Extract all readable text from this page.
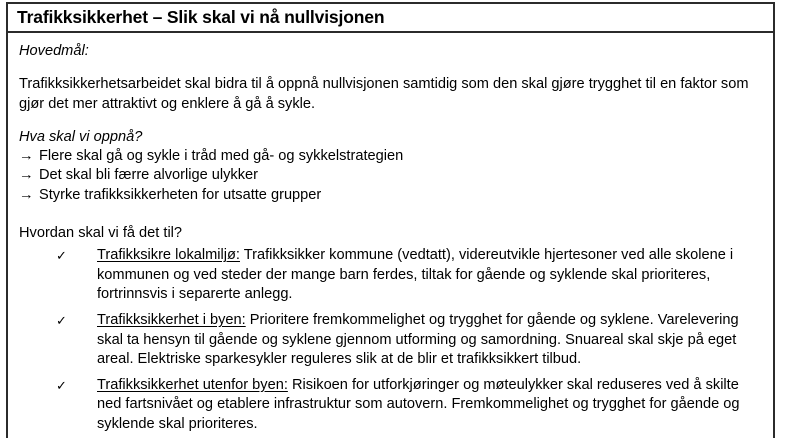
Trafikksikkerhet – Slik skal vi nå nullvisjonen
Hovedmål:

Trafikksikkerhetsarbeidet skal bidra til å oppnå nullvisjonen samtidig som den skal gjøre trygghet til en faktor som gjør det mer attraktivt og enklere å gå å sykle.

Hva skal vi oppnå?
→ Flere skal gå og sykle i tråd med gå- og sykkelstrategien
→ Det skal bli færre alvorlige ulykker
→ Styrke trafikksikkerheten for utsatte grupper
Hvordan skal vi få det til?
✓ Trafikksikre lokalmiljø: Trafikksikker kommune (vedtatt), videreutvikle hjertesoner ved alle skolene i kommunen og ved steder der mange barn ferdes, tiltak for gående og syklende skal prioriteres, fortrinnsvis i separerte anlegg.
✓ Trafikksikkerhet i byen: Prioritere fremkommelighet og trygghet for gående og syklene. Varelevering skal ta hensyn til gående og syklene gjennom utforming og samordning. Snuareal skal skje på eget areal. Elektriske sparkesykler reguleres slik at de blir et trafikksikkert tilbud.
✓ Trafikksikkerhet utenfor byen: Risikoen for utforkjøringer og møteulykker skal reduseres ved å skilte ned fartsnivået og etablere infrastruktur som autovern. Fremkommelighet og trygghet for gående og syklende skal prioriteres.
